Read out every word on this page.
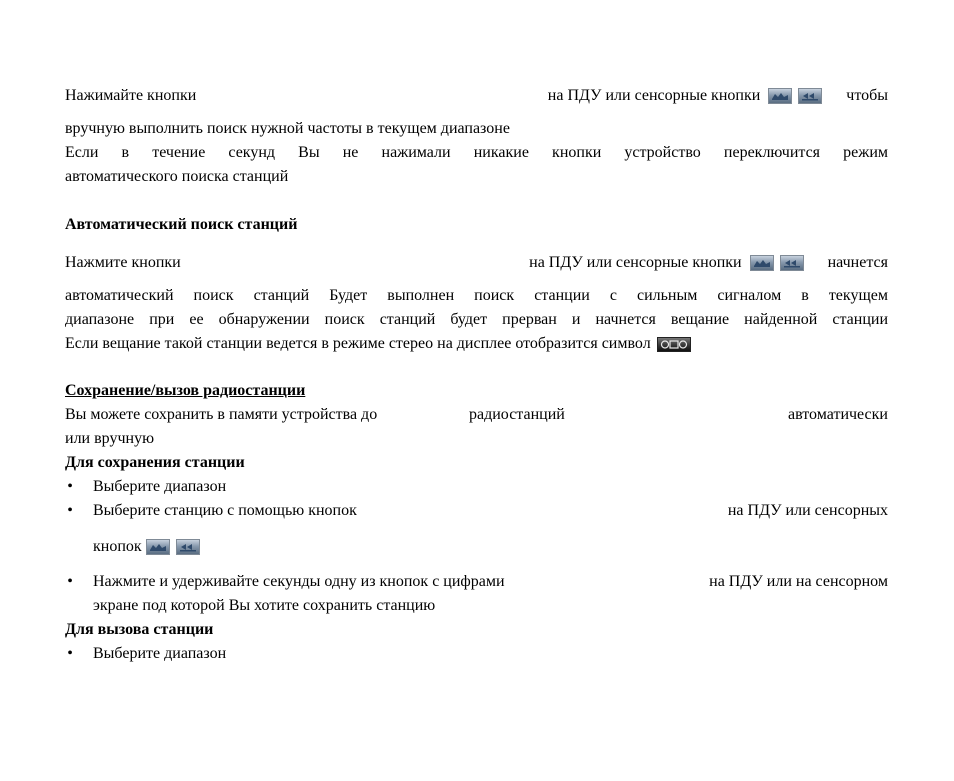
Нажимайте кнопки	на ПДУ или сенсорные кнопки	чтобы
вручную выполнить поиск нужной частоты в текущем диапазоне
Если в течение секунд Вы не нажимали никакие кнопки устройство переключится режим
автоматического поиска станций
Автоматический поиск станций
Нажмите кнопки	на ПДУ или сенсорные кнопки	начнется
автоматический поиск станций Будет выполнен поиск станции с сильным сигналом в текущем
диапазоне при ее обнаружении поиск станций будет прерван и начнется вещание найденной станции
Если вещание такой станции ведется в режиме стерео на дисплее отобразится символ
Сохранение/вызов радиостанции
Вы можете сохранить в памяти устройства до	радиостанций	автоматически
или вручную
Для сохранения станции
• Выберите диапазон
• Выберите станцию с помощью кнопок	на ПДУ или сенсорных
кнопок
• Нажмите и удерживайте секунды одну из кнопок с цифрами	на ПДУ или на сенсорном
экране под которой Вы хотите сохранить станцию
Для вызова станции
• Выберите диапазон
